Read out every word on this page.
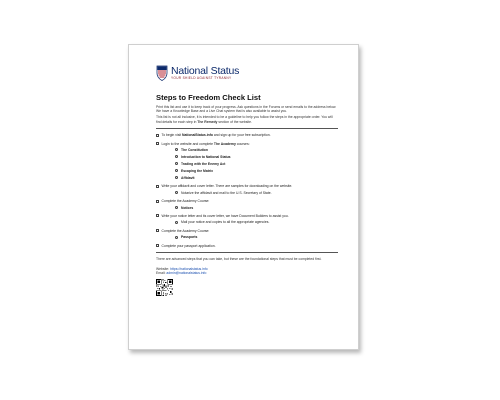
National Status
YOUR SHIELD AGAINST TYRANNY
Steps to Freedom Check List
Print this list and use it to keep track of your progress. Ask questions in the Forums or send emails to the address below. We have a Knowledge Base and a Live Chat system that is also available to assist you.
This list is not all inclusive, it is intended to be a guideline to help you follow the steps in the appropriate order. You will find details for each step in The Remedy section of the website.
To begin visit NationalStatus.info and sign up for your free subscription.
Login to the website and complete The Academy courses:
The Constitution
Introduction to National Status
Trading with the Enemy Act
Escaping the Matrix
Affidavit
Write your affidavit and cover letter. There are samples for downloading on the website.
Notarize the affidavit and mail to the U.S. Secretary of State.
Complete the Academy Course:
Notices
Write your notice letter and its cover letter, we have Document Builders to assist you.
Mail your notice and copies to all the appropriate agencies.
Complete the Academy Course:
Passports
Complete your passport application.
There are advanced steps that you can take, but these are the foundational steps that must be completed first.
Website: https://nationalstatus.info
Email: admin@nationalstatus.info
